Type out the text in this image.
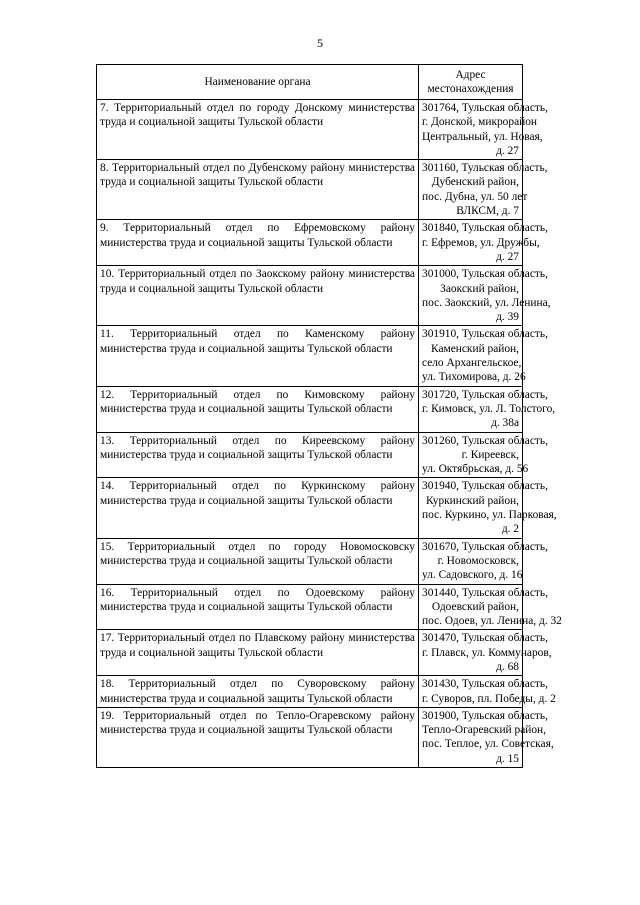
5
Наименование органа	Адрес местонахождения
7. Территориальный отдел по городу Донскому министерства труда и социальной защиты Тульской области	301764, Тульская область,
г. Донской, микрорайон
Центральный, ул. Новая,
д. 27

8. Территориальный отдел по Дубенскому району министерства труда и социальной защиты Тульской области	301160, Тульская область,
Дубенский район,
пос. Дубна, ул. 50 лет
ВЛКСМ, д. 7

9. Территориальный отдел по Ефремовскому району министерства труда и социальной защиты Тульской области	301840, Тульская область,
г. Ефремов, ул. Дружбы,
д. 27

10. Территориальный отдел по Заокскому району министерства труда и социальной защиты Тульской области	301000, Тульская область,
Заокский район,
пос. Заокский, ул. Ленина,
д. 39

11. Территориальный отдел по Каменскому району министерства труда и социальной защиты Тульской области	301910, Тульская область,
Каменский район,
село Архангельское,
ул. Тихомирова, д. 26

12. Территориальный отдел по Кимовскому району министерства труда и социальной защиты Тульской области	301720, Тульская область,
г. Кимовск, ул. Л. Толстого,
д. 38а

13. Территориальный отдел по Киреевскому району министерства труда и социальной защиты Тульской области	301260, Тульская область,
г. Киреевск,
ул. Октябрьская, д. 56

14. Территориальный отдел по Куркинскому району министерства труда и социальной защиты Тульской области	301940, Тульская область,
Куркинский район,
пос. Куркино, ул. Парковая,
д. 2

15. Территориальный отдел по городу Новомосковску министерства труда и социальной защиты Тульской области	301670, Тульская область,
г. Новомосковск,
ул. Садовского, д. 16

16. Территориальный отдел по Одоевскому району министерства труда и социальной защиты Тульской области	301440, Тульская область,
Одоевский район,
пос. Одоев, ул. Ленина, д. 32

17. Территориальный отдел по Плавскому району министерства труда и социальной защиты Тульской области	301470, Тульская область,
г. Плавск, ул. Коммунаров,
д. 68

18. Территориальный отдел по Суворовскому району министерства труда и социальной защиты Тульской области	301430, Тульская область,
г. Суворов, пл. Победы, д. 2

19. Территориальный отдел по Тепло-Огаревскому району министерства труда и социальной защиты Тульской области	301900, Тульская область,
Тепло-Огаревский район,
пос. Теплое, ул. Советская,
д. 15
